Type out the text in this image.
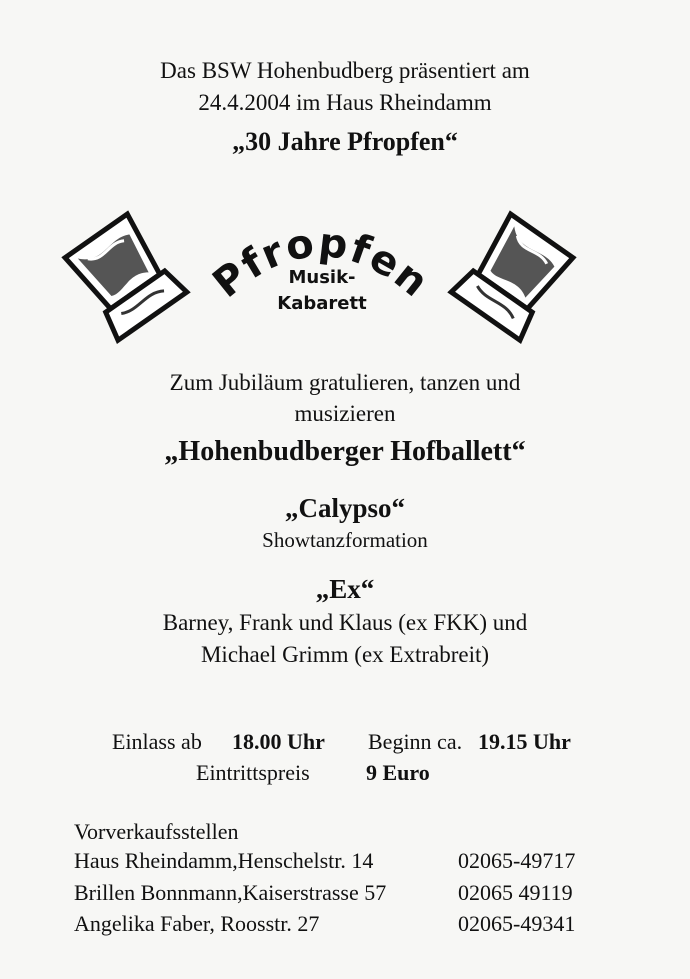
Das BSW Hohenbudberg präsentiert am
24.4.2004 im Haus Rheindamm
„30 Jahre Pfropfen“
Pfropfen
Musik-
Kabarett
Zum Jubiläum gratulieren, tanzen und
musizieren
„Hohenbudberger Hofballett“
„Calypso“
Showtanzformation
„Ex“
Barney, Frank und Klaus (ex FKK) und
Michael Grimm (ex Extrabreit)
Einlass ab 18.00 Uhr Beginn ca. 19.15 Uhr
Eintrittspreis	9 Euro
Vorverkaufsstellen
Haus Rheindamm,Henschelstr. 14	02065-49717
Brillen Bonnmann,Kaiserstrasse 57	02065 49119
Angelika Faber, Roosstr. 27	02065-49341
